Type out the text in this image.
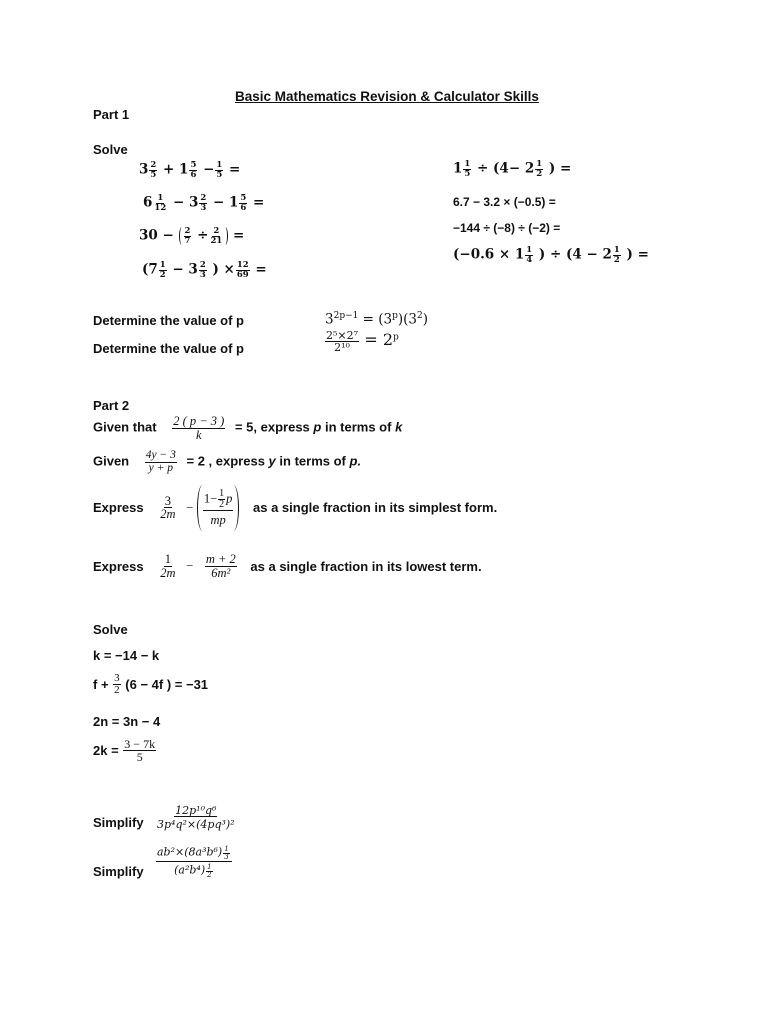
Basic Mathematics Revision & Calculator Skills
Part 1
Solve
$3 \frac{2}{5} + 1 \frac{5}{6} - \frac{1}{5}$ =
$6 \frac{1}{12} - 3 \frac{2}{3} - 1 \frac{5}{6}$ =
$30 - \frac{2}{7} \div \frac{2}{21}$ =
($7 \frac{1}{2} - 3 \frac{2}{3}$ ) × $\frac{12}{69}$ =
$1 \frac{1}{5} \div (4- 2 \frac{1}{2}$ ) =
6.7 − 3.2 × (−0.5) =
−144 ÷ (−8) ÷ (−2) =
($-0.6 \times 1 \frac{1}{4}$ ) ÷ ($4 - 2 \frac{1}{2}$ ) =
Determine the value of p	$3^{2p-1} = (3^p)(3^2)$
Determine the value of p	$\frac{\text{2⁵×2⁷}}{\text{2¹⁰}} = 2^p$
Part 2
Given that $\frac{2 ( p - 3 )}{k} = 5$, express p in terms of k
Given $\frac{4y - 3}{y + p} = 2$ , express y in terms of p.
Express $\frac{3}{2m} - \frac{1- \frac{1}{2} p}{mp}$ as a single fraction in its simplest form.
Express $\frac{1}{2m} - \frac{m + 2}{\text{6m²}}$ as a single fraction in its lowest term.
Solve
k = −14 − k
$f + \frac{3}{2} (6 - 4f$ ) = −31
2n = 3n − 4
$2k = \frac{3 - 7k}{5}$
Simplify $\frac{\text{12p¹⁰q⁶}}{\text{3p⁴q²×(4pq³)²}}$
Simplify $\frac{ab^2\times(8a^3b^6) \frac{1}{3}}{(a^2b^4) \frac{1}{2}}$
